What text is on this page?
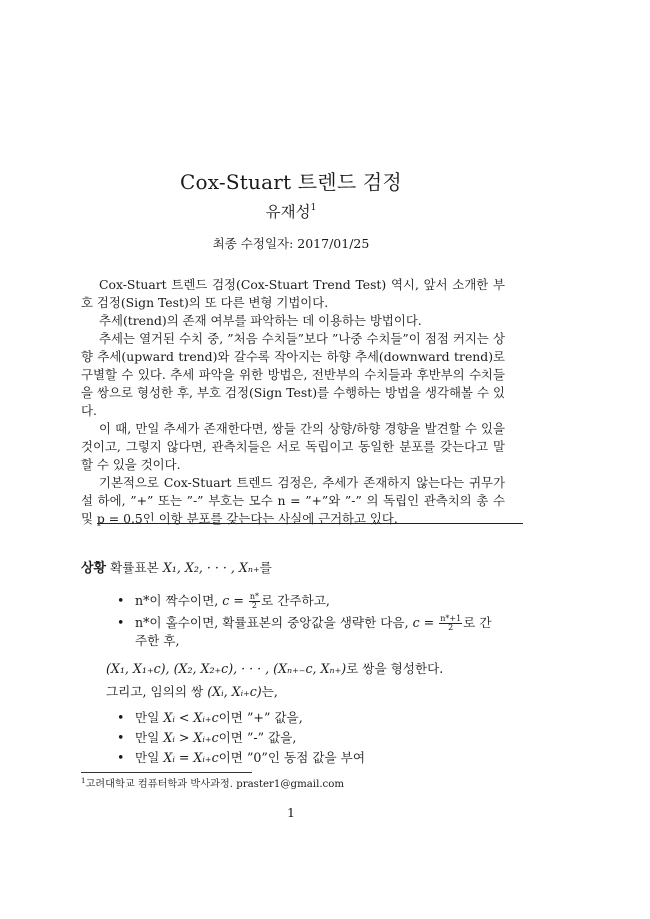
Cox-Stuart 트렌드 검정
유재성$^1$
최종 수정일자: 2017/01/25

Cox-Stuart 트렌드 검정(Cox-Stuart Trend Test) 역시, 앞서 소개한 부호 검정(Sign Test)의 또 다른 변형 기법이다.

추세(trend)의 존재 여부를 파악하는 데 이용하는 방법이다.

추세는 열거된 수치 중, ”처음 수치들”보다 ”나중 수치들”이 점점 커지는 상향 추세(upward trend)와 갈수록 작아지는 하향 추세(downward trend)로 구별할 수 있다. 추세 파악을 위한 방법은, 전반부의 수치들과 후반부의 수치들을 쌍으로 형성한 후, 부호 검정(Sign Test)를 수행하는 방법을 생각해볼 수 있다.

이 때, 만일 추세가 존재한다면, 쌍들 간의 상향/하향 경향을 발견할 수 있을 것이고, 그렇지 않다면, 관측치들은 서로 독립이고 동일한 분포를 갖는다고 말할 수 있을 것이다.

기본적으로 Cox-Stuart 트렌드 검정은, 추세가 존재하지 않는다는 귀무가설 하에, ”+” 또는 ”-” 부호는 모수 n = ”+”와 ”-” 의 독립인 관측치의 총 수 및 p = 0.5인 이항 분포를 갖는다는 사실에 근거하고 있다.

상황 확률표본 X₁, X₂, · · · , Xₙ₊를
• n*이 짝수이면, $c = \frac{n*}{2}$ 로 간주하고,
• n*이 홀수이면, 확률표본의 중앙값을 생략한 다음, $c = \frac{n*+1}{2}$ 로 간
주한 후,
(X₁, X₁₊c), (X₂, X₂₊c), · · · , (Xₙ₊₋c, Xₙ₊)로 쌍을 형성한다.
그리고, 임의의 쌍 (Xᵢ, Xᵢ₊c)는,
• 만일 Xᵢ < Xᵢ₊c이면 ”+” 값을,
• 만일 Xᵢ > Xᵢ₊c이면 ”-” 값을,
• 만일 Xᵢ = Xᵢ₊c이면 ”0”인 동점 값을 부여
$^1$고려대학교 컴퓨터학과 박사과정. praster1@gmail.com
1
